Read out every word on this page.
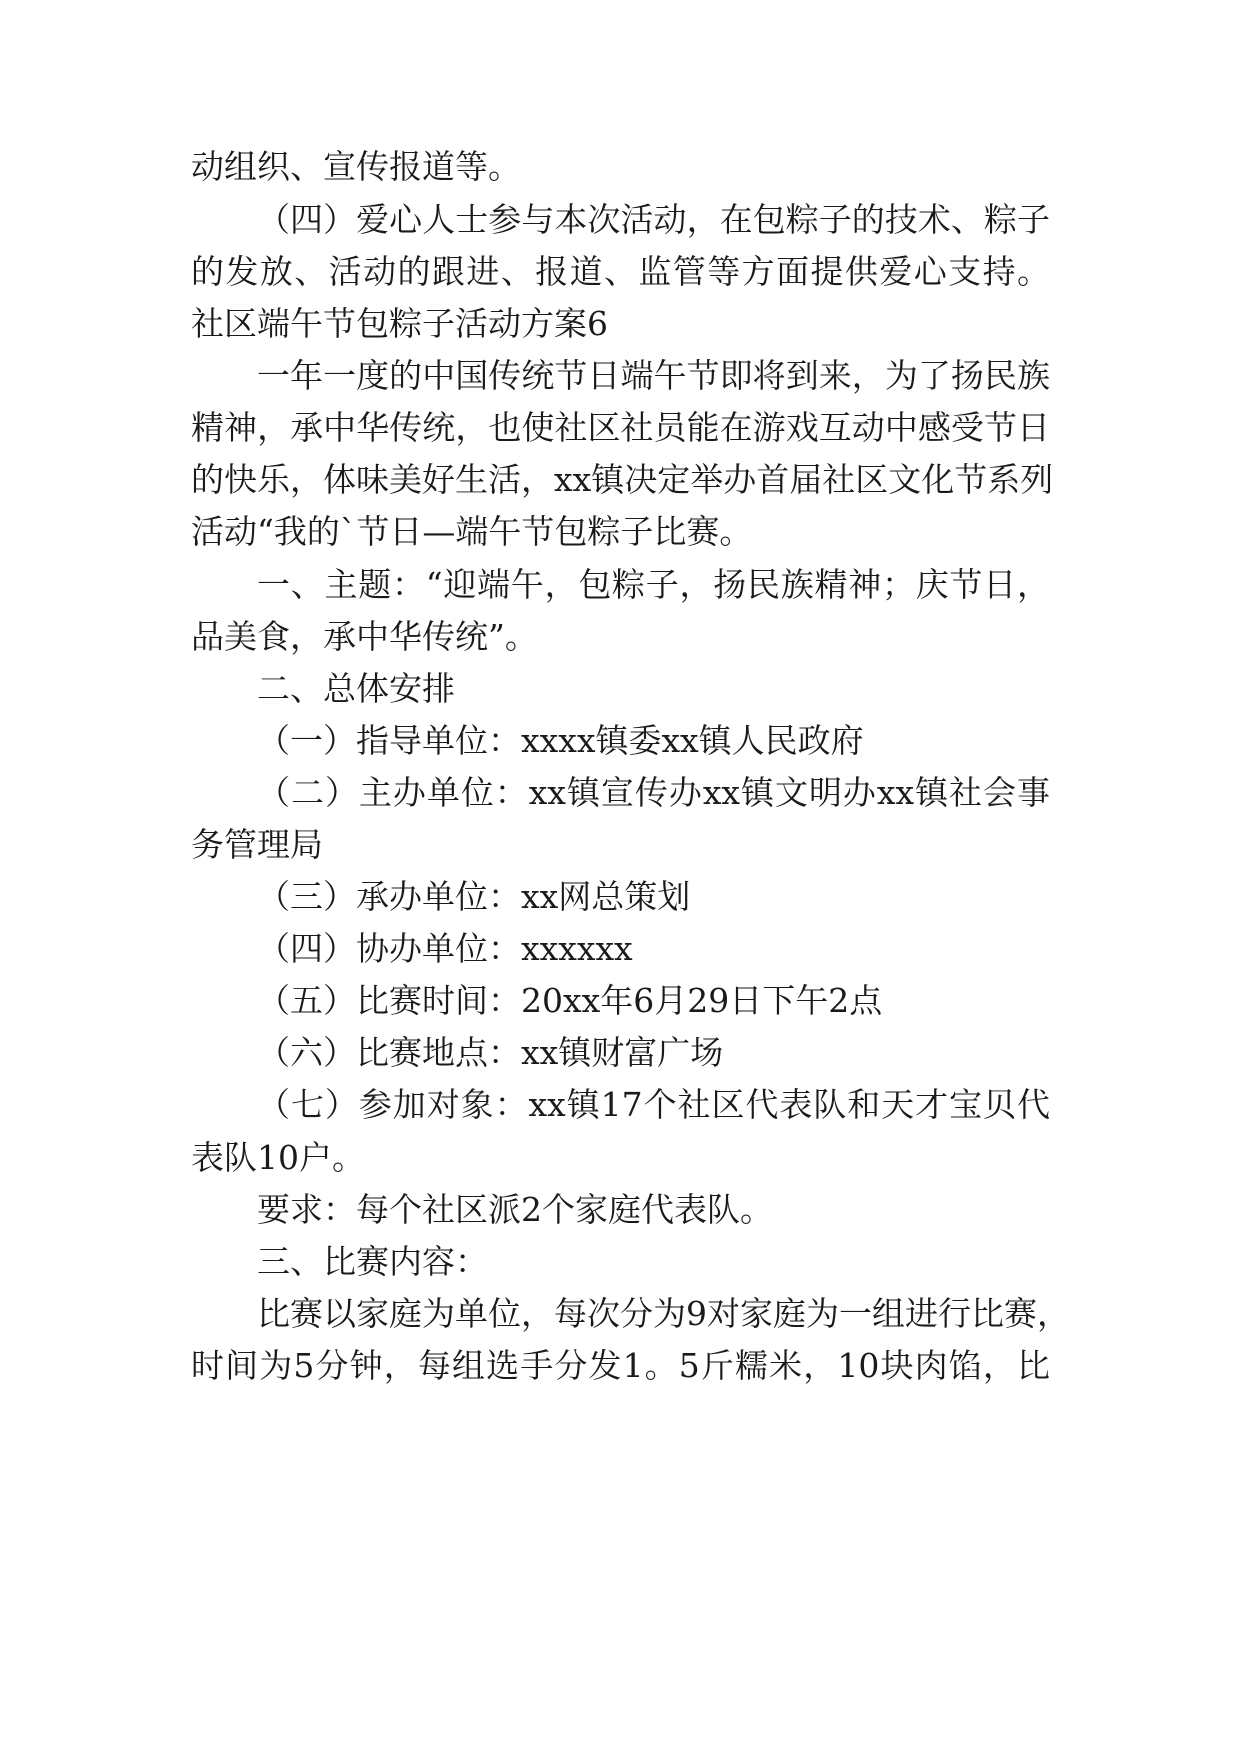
动组织、宣传报道等。
（四）爱心人士参与本次活动，在包粽子的技术、粽子
的发放、活动的跟进、报道、监管等方面提供爱心支持。
社区端午节包粽子活动方案6
一年一度的中国传统节日端午节即将到来，为了扬民族
精神，承中华传统，也使社区社员能在游戏互动中感受节日
的快乐，体味美好生活，xx镇决定举办首届社区文化节系列
活动“我的`节日—端午节包粽子比赛。
一、主题：“迎端午，包粽子，扬民族精神；庆节日，
品美食，承中华传统”。
二、总体安排
（一）指导单位：xxxx镇委xx镇人民政府
（二）主办单位：xx镇宣传办xx镇文明办xx镇社会事
务管理局
（三）承办单位：xx网总策划
（四）协办单位：xxxxxx
（五）比赛时间：20xx年6月29日下午2点
（六）比赛地点：xx镇财富广场
（七）参加对象：xx镇17个社区代表队和天才宝贝代
表队10户。
要求：每个社区派2个家庭代表队。
三、比赛内容：
比赛以家庭为单位，每次分为9对家庭为一组进行比赛，
时间为5分钟，每组选手分发1。5斤糯米，10块肉馅，比
